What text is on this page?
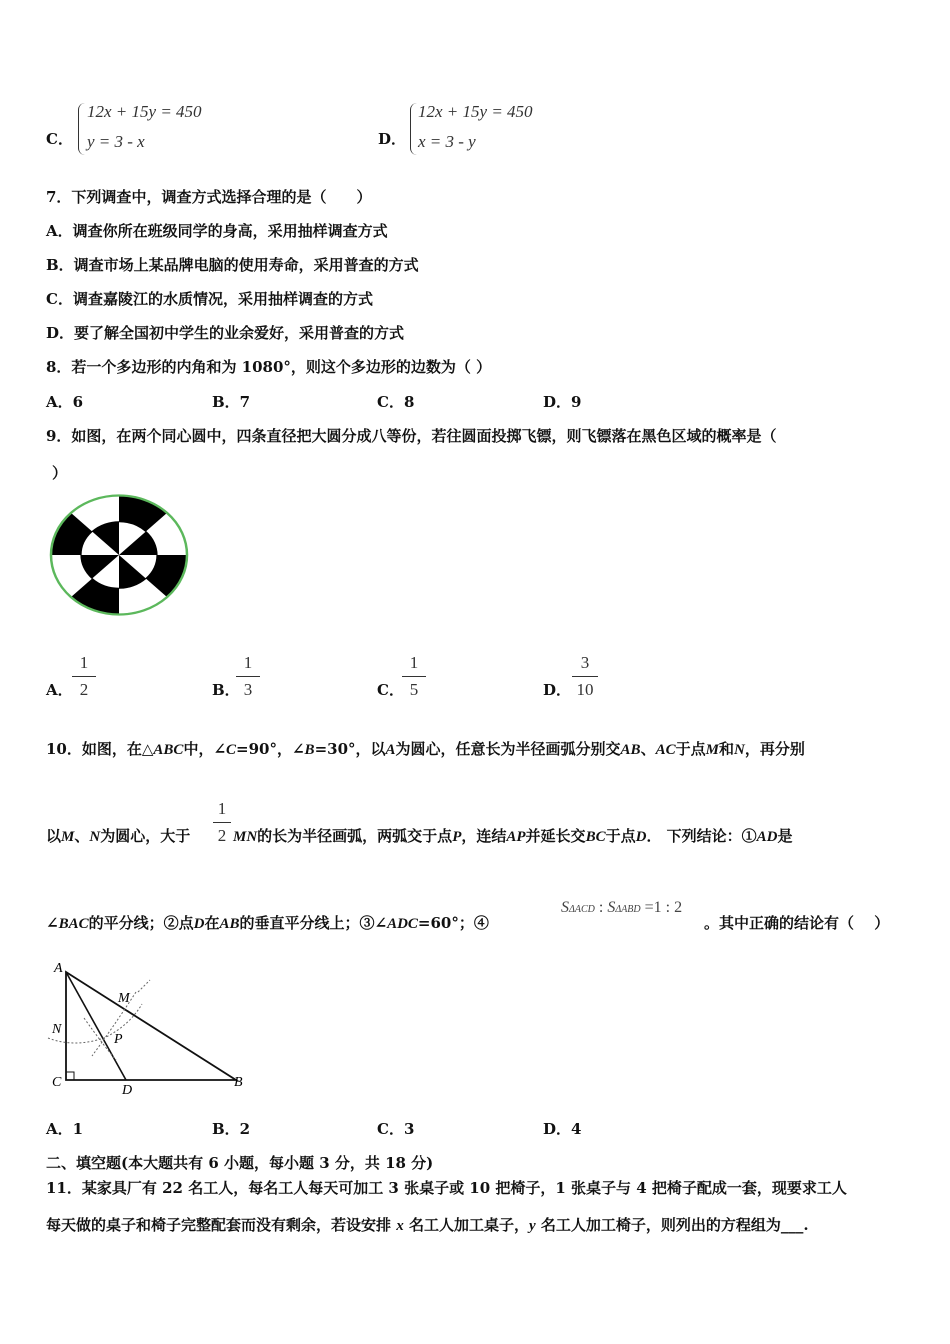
C．
12x + 15y = 450
y = 3 - x	D．
12x + 15y = 450
x = 3 - y
7．下列调查中，调查方式选择合理的是（　　）
A．调查你所在班级同学的身高，采用抽样调查方式
B．调查市场上某品牌电脑的使用寿命，采用普查的方式
C．调查嘉陵江的水质情况，采用抽样调查的方式
D．要了解全国初中学生的业余爱好，采用普查的方式
8．若一个多边形的内角和为 1080°，则这个多边形的边数为（ ）
A．6	B．7	C．8	D．9
9．如图，在两个同心圆中，四条直径把大圆分成八等份，若往圆面投掷飞镖，则飞镖落在黑色区域的概率是（
）
A．
1
2	B．
1
3	C．
1
5	D．
3
10
10．如图，在△ABC中，∠C=90°，∠B=30°，以A为圆心，任意长为半径画弧分别交AB、AC于点M和N，再分别
以M、N为圆心，大于
1
2 MN的长为半径画弧，两弧交于点P，连结AP并延长交BC于点D． 下列结论：①AD是
∠BAC的平分线；②点D在AB的垂直平分线上；③∠ADC=60°；④
SΔACD : SΔABD =1 : 2
。其中正确的结论有（　 ）
A
M
N
P
C
D
B
A．1	B．2	C．3	D．4
二、填空题(本大题共有 6 小题，每小题 3 分，共 18 分)
11．某家具厂有 22 名工人，每名工人每天可加工 3 张桌子或 10 把椅子，1 张桌子与 4 把椅子配成一套，现要求工人
每天做的桌子和椅子完整配套而没有剩余，若设安排 x 名工人加工桌子，y 名工人加工椅子，则列出的方程组为___.
